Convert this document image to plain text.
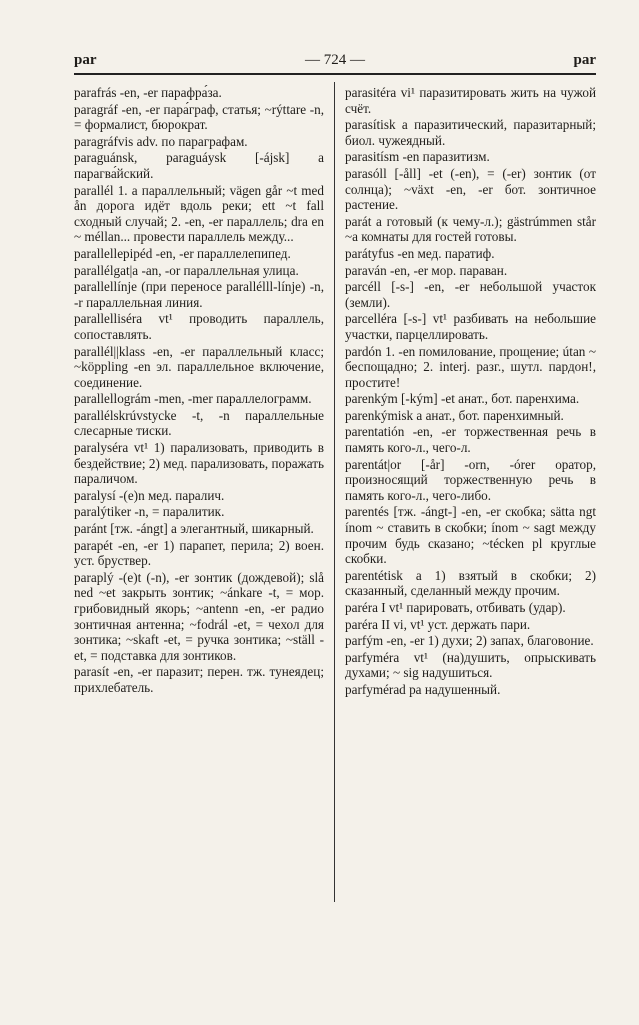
par	— 724 —	par
parafrás -en, -er парафра́за.
paragráf -en, -er пара́граф, статья; ~rýttare -n, = формалист, бюрократ.
paragráfvis adv. по параграфам.
paraguánsk, paraguáysk [-ájsk] а парагва́йский.
parallél 1. а параллельный; vägen går ~t med ån дорога идёт вдоль реки; ett ~t fall сходный случай; 2. -en, -er параллель; dra en ~ méllan... провести параллель между...
parallellepipéd -en, -er параллелепипед.
parallélgat|a -an, -or параллельная улица.
parallellínje (при переносе parallélll-línje) -n, -r параллельная линия.
parallelliséra vt¹ проводить параллель, сопоставлять.
parallél||klass -en, -er параллельный класс; ~köppling -en эл. параллельное включение, соединение.
parallellográm -men, -mer параллелограмм.
parallélskrúvstycke -t, -n параллельные слесарные тиски.
paralyséra vt¹ 1) парализовать, приводить в бездействие; 2) мед. парализовать, поражать параличом.
paralysí -(e)n мед. паралич.
paralýtiker -n, = паралитик.
paránt [тж. -ángt] а элегантный, шикарный.
parapét -en, -er 1) парапет, перила; 2) воен. уст. бруствер.
paraplý -(e)t (-n), -er зонтик (дождевой); slå ned ~et закрыть зонтик; ~ánkare -t, = мор. грибовидный якорь; ~antenn -en, -er радио зонтичная антенна; ~fodrál -et, = чехол для зонтика; ~skaft -et, = ручка зонтика; ~ställ -et, = подставка для зонтиков.
parasít -en, -er паразит; перен. тж. тунеядец; прихлебатель.
parasitéra vi¹ паразитировать жить на чужой счёт.
parasítisk а паразитический, паразитарный; биол. чужеядный.
parasitísm -en паразитизм.
parasóll [-åll] -et (-en), = (-er) зонтик (от солнца); ~växt -en, -er бот. зонтичное растение.
parát а готовый (к чему-л.); gästrúmmen står ~a комнаты для гостей готовы.
parátyfus -en мед. паратиф.
paraván -en, -er мор. параван.
parcéll [-s-] -en, -er небольшой участок (земли).
parcelléra [-s-] vt¹ разбивать на небольшие участки, парцеллировать.
pardón 1. -en помилование, прощение; útan ~ беспощадно; 2. interj. разг., шутл. пардон!, простите!
parenkým [-kým] -et анат., бот. паренхима.
parenkýmisk а анат., бот. паренхимный.
parentatión -en, -er торжественная речь в память кого-л., чего-л.
parentát|or [-år] -orn, -órer оратор, произносящий торжественную речь в память кого-л., чего-либо.
parentés [тж. -ángt-] -en, -er скобка; sätta ngt ínom ~ ставить в скобки; ínom ~ sagt между прочим будь сказано; ~técken pl круглые скобки.
parentétisk а 1) взятый в скобки; 2) сказанный, сделанный между прочим.
paréra I vt¹ парировать, отбивать (удар).
paréra II vi, vt¹ уст. держать пари.
parfým -en, -er 1) духи; 2) запах, благовоние.
parfyméra vt¹ (на)душить, опрыскивать духами; ~ sig надушиться.
parfymérad pa надушенный.
